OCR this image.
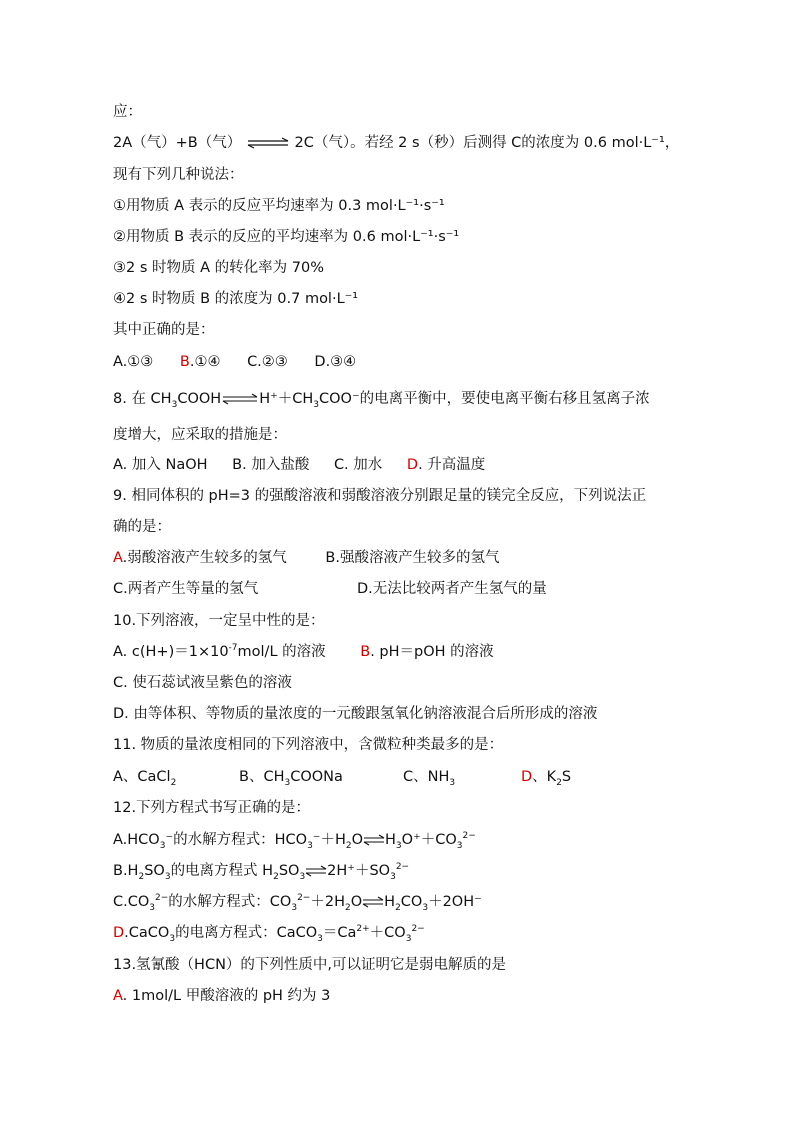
应：
2A（气）+B（气） ⇌ 2C（气）。若经 2 s（秒）后测得 C的浓度为 0.6 mol·L⁻¹，
现有下列几种说法：
①用物质 A 表示的反应平均速率为 0.3 mol·L⁻¹·s⁻¹
②用物质 B 表示的反应的平均速率为 0.6 mol·L⁻¹·s⁻¹
③2 s 时物质 A 的转化率为 70%
④2 s 时物质 B 的浓度为 0.7 mol·L⁻¹
其中正确的是：
A.①③ B.①④ C.②③ D.③④
8. 在 $CH_3COOH\rightleftharpoons H^++CH_3COO^-$的电离平衡中，要使电离平衡右移且氢离子浓
度增大，应采取的措施是：
A. 加入 NaOH B. 加入盐酸 C. 加水 D. 升高温度
9. 相同体积的 pH=3 的强酸溶液和弱酸溶液分别跟足量的镁完全反应，下列说法正
确的是：
A.弱酸溶液产生较多的氢气	B.强酸溶液产生较多的氢气
C.两者产生等量的氢气	D.无法比较两者产生氢气的量
10.下列溶液，一定呈中性的是：
A. $c(H+)=1\times 10^{-7}mol/L$ 的溶液 B. pH＝pOH 的溶液
C. 使石蕊试液呈紫色的溶液
D. 由等体积、等物质的量浓度的一元酸跟氢氧化钠溶液混合后所形成的溶液
11. 物质的量浓度相同的下列溶液中，含微粒种类最多的是：
A、CaCl$_2$	B、$CH_3COONa$	C、$NH_3$	D、$K_2S$
12.下列方程式书写正确的是：
$A.HCO_3^-$的水解方程式：$HCO_3^-+H_2O\rightleftharpoons H_3O^++CO_3^{2-}$
$B.H_2SO_3$的电离方程式 $H_2SO_3\rightleftharpoons 2H^++SO_3^{2-}$
$C.CO_3^{2-}$的水解方程式：$CO_3^{2-}+2H_2O\rightleftharpoons H_2CO_3+2OH^-$
D.CaCO$_3$的电离方程式：$CaCO_3=Ca^{2+}+CO_3^{2-}$
13.氢氰酸（HCN）的下列性质中,可以证明它是弱电解质的是
A. 1mol/L 甲酸溶液的 pH 约为 3
